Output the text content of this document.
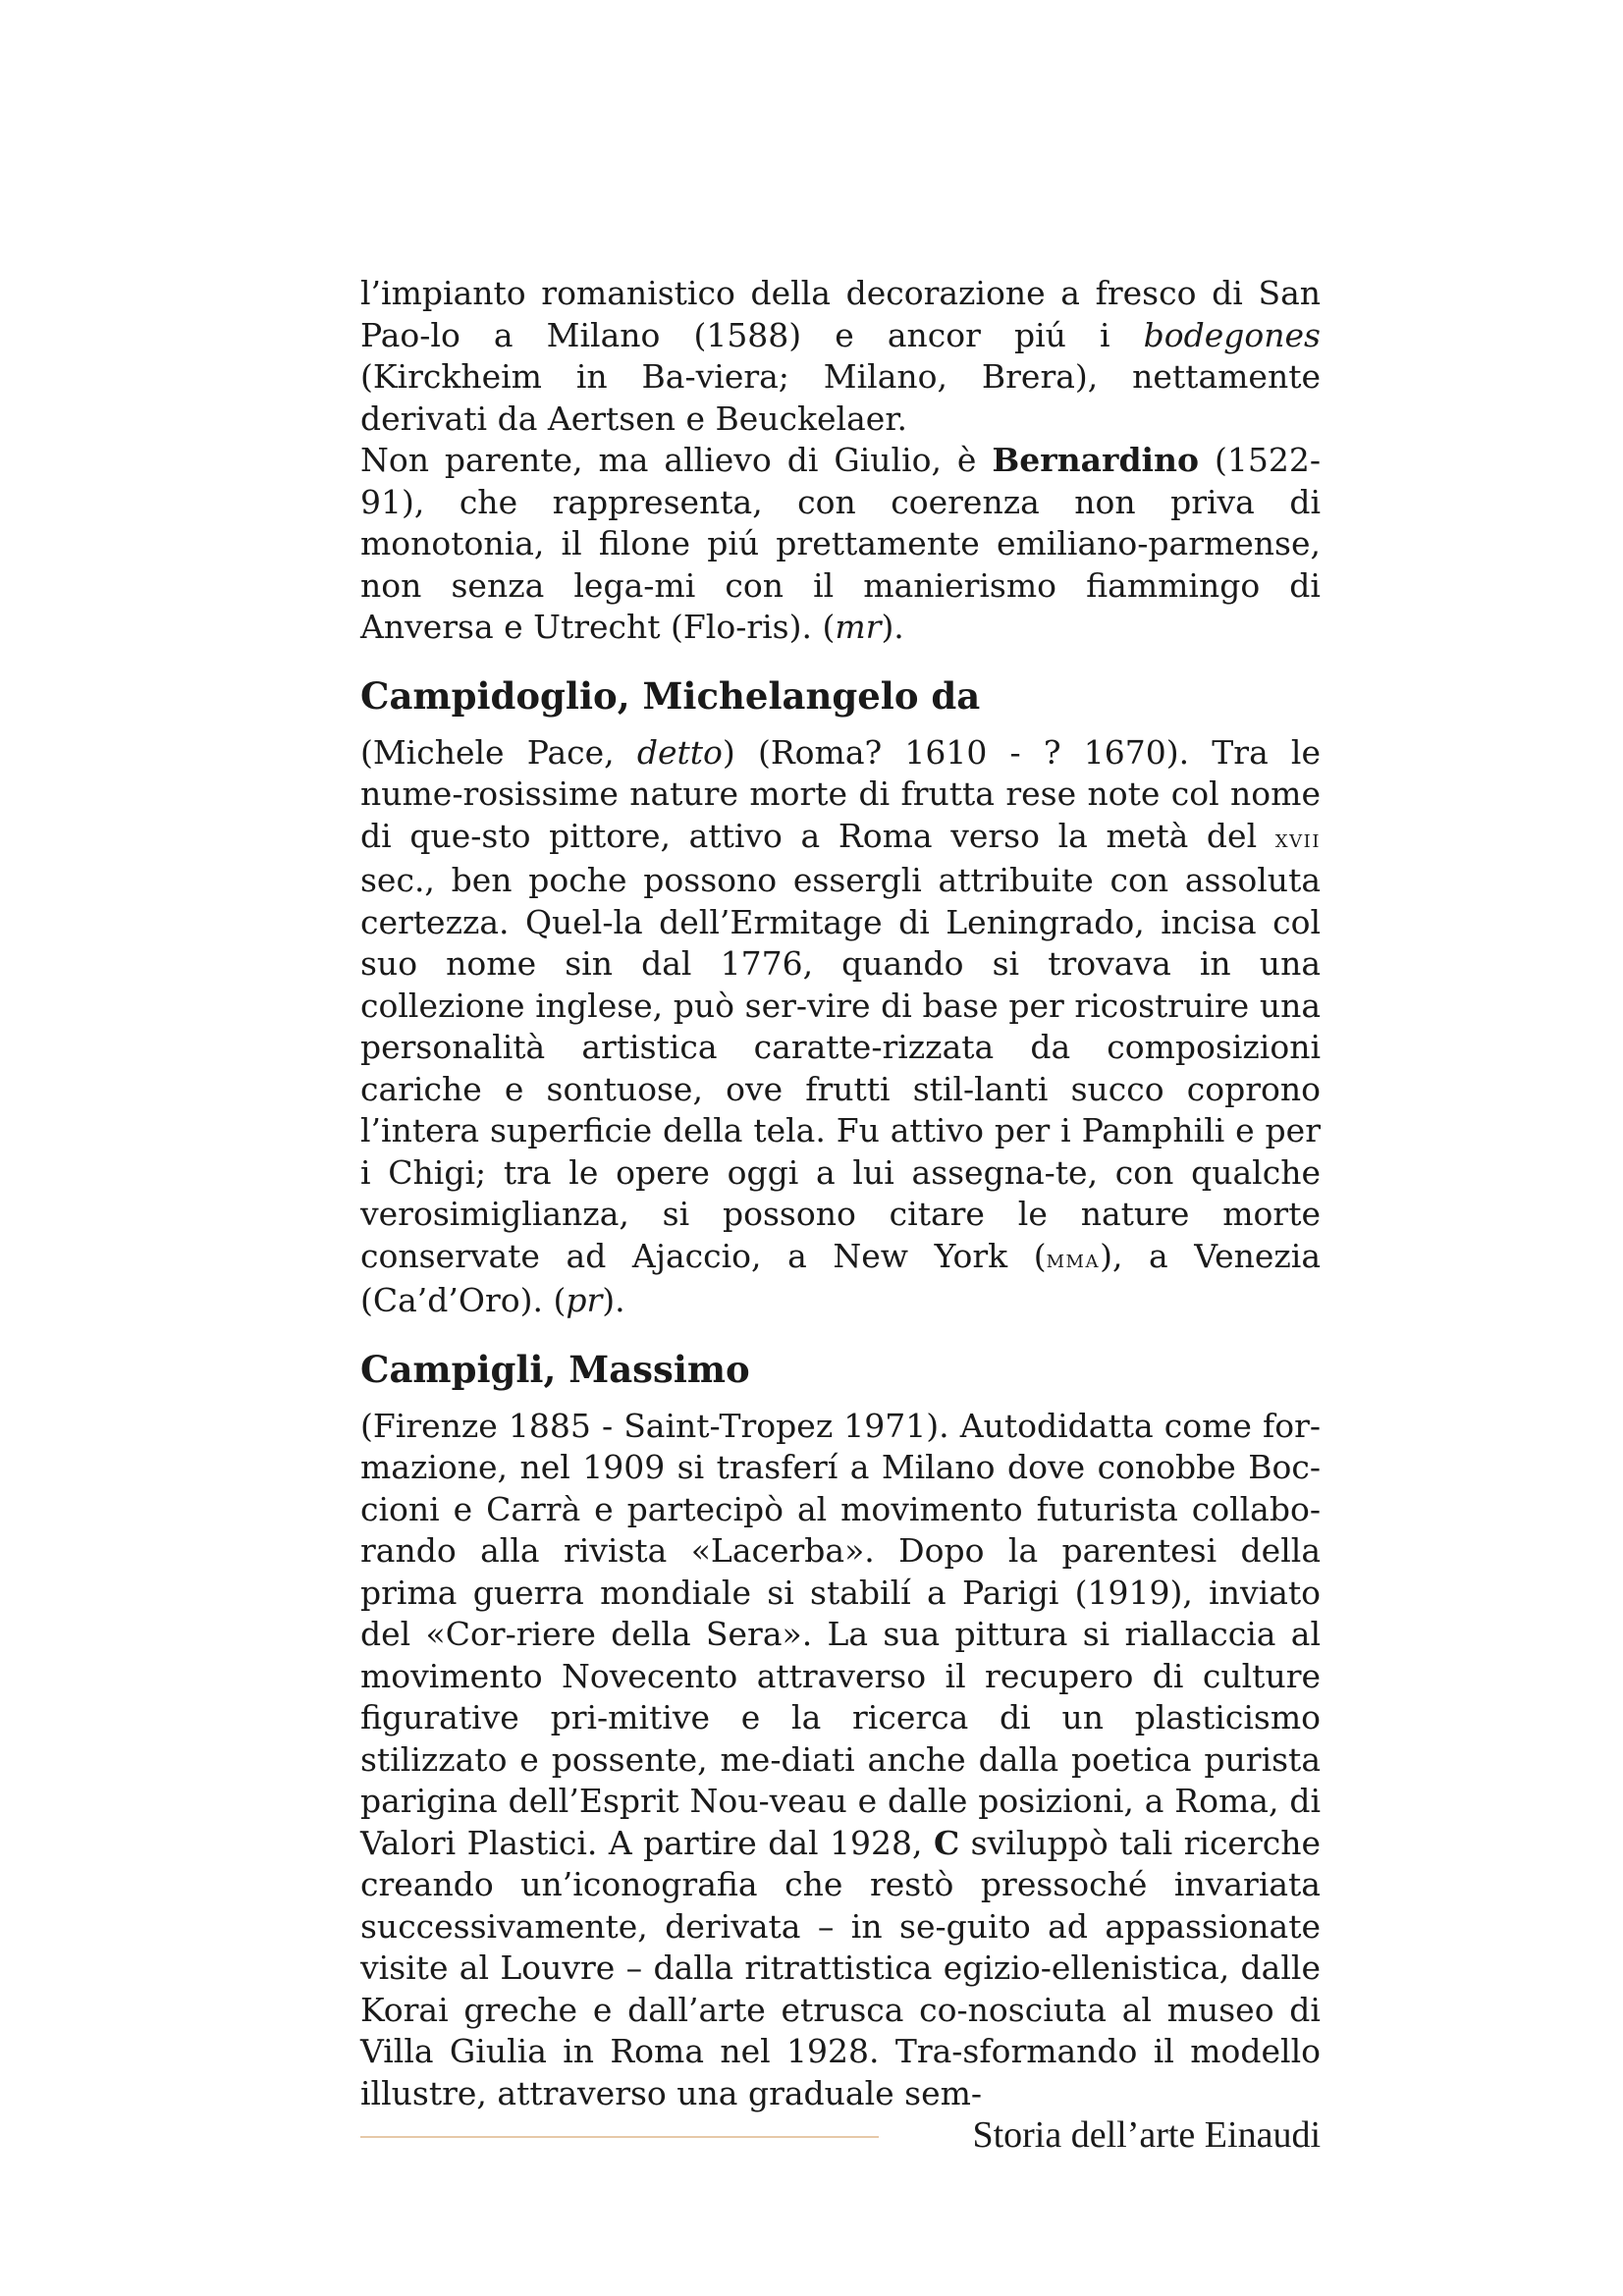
l’impianto romanistico della decorazione a fresco di San Pao-lo a Milano (1588) e ancor piú i bodegones (Kirckheim in Ba-viera; Milano, Brera), nettamente derivati da Aertsen e Beuckelaer.

Non parente, ma allievo di Giulio, è Bernardino (1522-91), che rappresenta, con coerenza non priva di monotonia, il filone piú prettamente emiliano-parmense, non senza lega-mi con il manierismo fiammingo di Anversa e Utrecht (Flo-ris). (mr).

Campidoglio, Michelangelo da

(Michele Pace, detto) (Roma? 1610 - ? 1670). Tra le nume-rosissime nature morte di frutta rese note col nome di que-sto pittore, attivo a Roma verso la metà del xvii sec., ben poche possono essergli attribuite con assoluta certezza. Quel-la dell’Ermitage di Leningrado, incisa col suo nome sin dal 1776, quando si trovava in una collezione inglese, può ser-vire di base per ricostruire una personalità artistica caratte-rizzata da composizioni cariche e sontuose, ove frutti stil-lanti succo coprono l’intera superficie della tela. Fu attivo per i Pamphili e per i Chigi; tra le opere oggi a lui assegna-te, con qualche verosimiglianza, si possono citare le nature morte conservate ad Ajaccio, a New York (mma), a Venezia (Ca’d’Oro). (pr).

Campigli, Massimo

(Firenze 1885 - Saint-Tropez 1971). Autodidatta come for-mazione, nel 1909 si trasferí a Milano dove conobbe Boc-cioni e Carrà e partecipò al movimento futurista collabo-rando alla rivista «Lacerba». Dopo la parentesi della prima guerra mondiale si stabilí a Parigi (1919), inviato del «Cor-riere della Sera». La sua pittura si riallaccia al movimento Novecento attraverso il recupero di culture figurative pri-mitive e la ricerca di un plasticismo stilizzato e possente, me-diati anche dalla poetica purista parigina dell’Esprit Nou-veau e dalle posizioni, a Roma, di Valori Plastici. A partire dal 1928, C sviluppò tali ricerche creando un’iconografia che restò pressoché invariata successivamente, derivata – in se-guito ad appassionate visite al Louvre – dalla ritrattistica egizio-ellenistica, dalle Korai greche e dall’arte etrusca co-nosciuta al museo di Villa Giulia in Roma nel 1928. Tra-sformando il modello illustre, attraverso una graduale sem-

Storia dell’arte Einaudi
